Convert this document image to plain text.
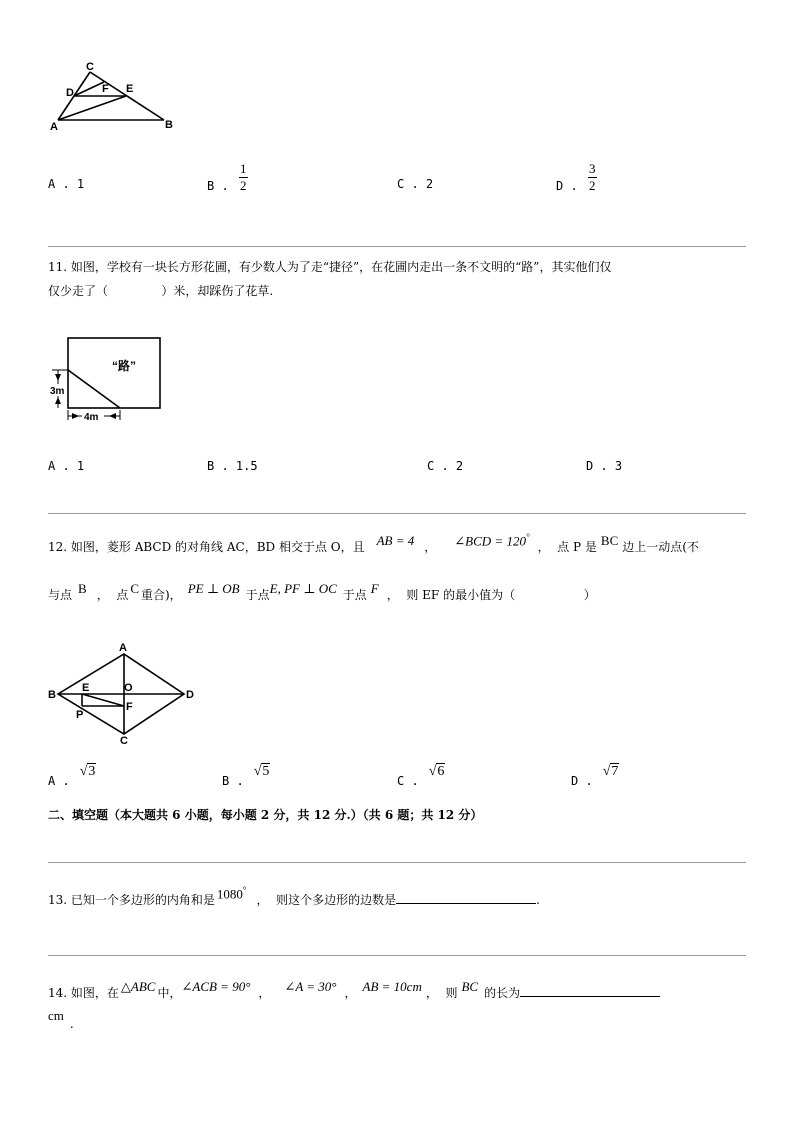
C
D	F E
A	B
A . 1	B . $\frac{1}{2}$	C . 2	D . $\frac{3}{2}$
11. 如图，学校有一块长方形花圃，有少数人为了走“捷径”，在花圃内走出一条不文明的“路”，其实他们仅
仅少走了（              ）米，却踩伤了花草.
“路”
3m
4m
A . 1	B . 1.5	C . 2	D . 3
12. 如图，菱形 ABCD 的对角线 AC，BD 相交于点 O，且 AB = 4 ， ∠BCD = 120°
，  点 P 是 BC 边上一动点(不
与点 B ，  点 C 重合)， PE ⊥ OB 于点 E, PF ⊥ OC 于点 F ，  则 EF 的最小值为（                  ）
A
B	D
C
E	O
F
P
A .
√3
B .
√5
C .
√6
D .
√7
二、填空题（本大题共 6 小题，每小题 2 分，共 12 分.）（共 6 题；共 12 分）
13. 已知一个多边形的内角和是 1080°
，  则这个多边形的边数是	.
14. 如图，在 △ABC 中， ∠ACB = 90° ， ∠A = 30° ， AB = 10cm ，  则 BC 的长为
cm
.
